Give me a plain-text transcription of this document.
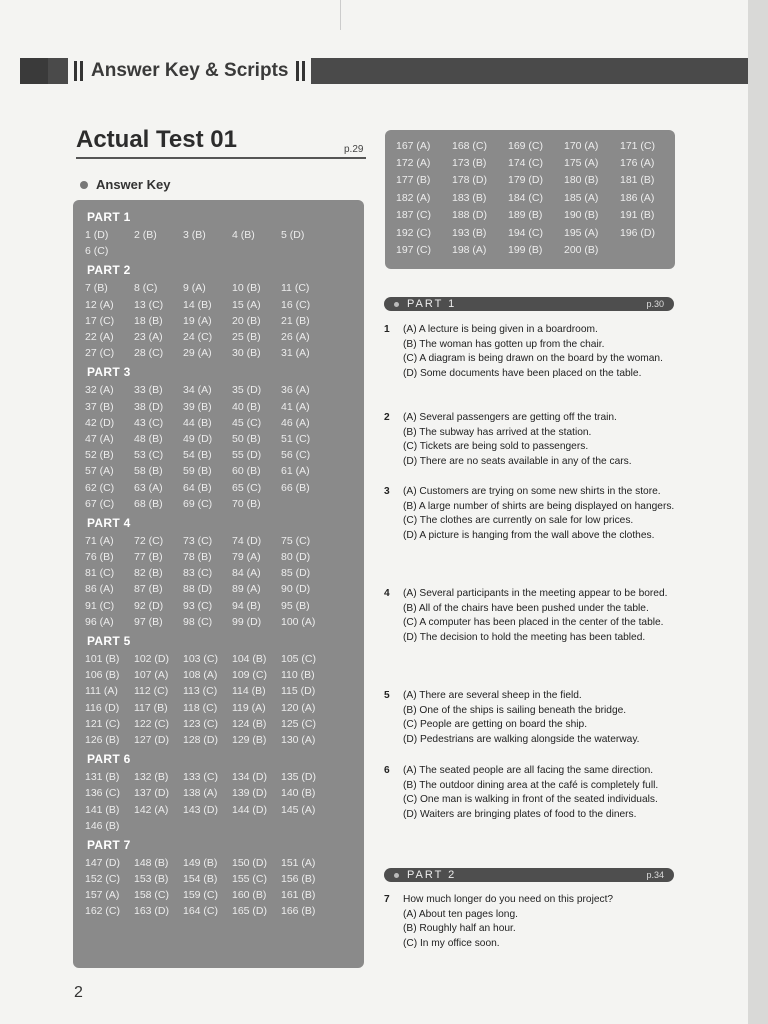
Answer Key & Scripts
Actual Test 01	p.29
Answer Key
PART 1
1 (D)	2 (B)	3 (B)	4 (B)	5 (D)
6 (C)
PART 2
7 (B)	8 (C)	9 (A)	10 (B)	11 (C)
12 (A)	13 (C)	14 (B)	15 (A)	16 (C)
17 (C)	18 (B)	19 (A)	20 (B)	21 (B)
22 (A)	23 (A)	24 (C)	25 (B)	26 (A)
27 (C)	28 (C)	29 (A)	30 (B)	31 (A)
PART 3
32 (A)	33 (B)	34 (A)	35 (D)	36 (A)
37 (B)	38 (D)	39 (B)	40 (B)	41 (A)
42 (D)	43 (C)	44 (B)	45 (C)	46 (A)
47 (A)	48 (B)	49 (D)	50 (B)	51 (C)
52 (B)	53 (C)	54 (B)	55 (D)	56 (C)
57 (A)	58 (B)	59 (B)	60 (B)	61 (A)
62 (C)	63 (A)	64 (B)	65 (C)	66 (B)
67 (C)	68 (B)	69 (C)	70 (B)
PART 4
71 (A)	72 (C)	73 (C)	74 (D)	75 (C)
76 (B)	77 (B)	78 (B)	79 (A)	80 (D)
81 (C)	82 (B)	83 (C)	84 (A)	85 (D)
86 (A)	87 (B)	88 (D)	89 (A)	90 (D)
91 (C)	92 (D)	93 (C)	94 (B)	95 (B)
96 (A)	97 (B)	98 (C)	99 (D)	100 (A)
PART 5
101 (B)	102 (D)	103 (C)	104 (B)	105 (C)
106 (B)	107 (A)	108 (A)	109 (C)	110 (B)
111 (A)	112 (C)	113 (C)	114 (B)	115 (D)
116 (D)	117 (B)	118 (C)	119 (A)	120 (A)
121 (C)	122 (C)	123 (C)	124 (B)	125 (C)
126 (B)	127 (D)	128 (D)	129 (B)	130 (A)
PART 6
131 (B)	132 (B)	133 (C)	134 (D)	135 (D)
136 (C)	137 (D)	138 (A)	139 (D)	140 (B)
141 (B)	142 (A)	143 (D)	144 (D)	145 (A)
146 (B)
PART 7
147 (D)	148 (B)	149 (B)	150 (D)	151 (A)
152 (C)	153 (B)	154 (B)	155 (C)	156 (B)
157 (A)	158 (C)	159 (C)	160 (B)	161 (B)
162 (C)	163 (D)	164 (C)	165 (D)	166 (B)
167 (A)	168 (C)	169 (C)	170 (A)	171 (C)
172 (A)	173 (B)	174 (C)	175 (A)	176 (A)
177 (B)	178 (D)	179 (D)	180 (B)	181 (B)
182 (A)	183 (B)	184 (C)	185 (A)	186 (A)
187 (C)	188 (D)	189 (B)	190 (B)	191 (B)
192 (C)	193 (B)	194 (C)	195 (A)	196 (D)
197 (C)	198 (A)	199 (B)	200 (B)
PART 1	p.30
1 (A) A lecture is being given in a boardroom.
(B) The woman has gotten up from the chair.
(C) A diagram is being drawn on the board by the woman.
(D) Some documents have been placed on the table.
2 (A) Several passengers are getting off the train.
(B) The subway has arrived at the station.
(C) Tickets are being sold to passengers.
(D) There are no seats available in any of the cars.
3 (A) Customers are trying on some new shirts in the store.
(B) A large number of shirts are being displayed on hangers.
(C) The clothes are currently on sale for low prices.
(D) A picture is hanging from the wall above the clothes.
4 (A) Several participants in the meeting appear to be bored.
(B) All of the chairs have been pushed under the table.
(C) A computer has been placed in the center of the table.
(D) The decision to hold the meeting has been tabled.
5 (A) There are several sheep in the field.
(B) One of the ships is sailing beneath the bridge.
(C) People are getting on board the ship.
(D) Pedestrians are walking alongside the waterway.
6 (A) The seated people are all facing the same direction.
(B) The outdoor dining area at the café is completely full.
(C) One man is walking in front of the seated individuals.
(D) Waiters are bringing plates of food to the diners.
7 How much longer do you need on this project?
(A) About ten pages long.
(B) Roughly half an hour.
(C) In my office soon.
PART 2	p.34
2
